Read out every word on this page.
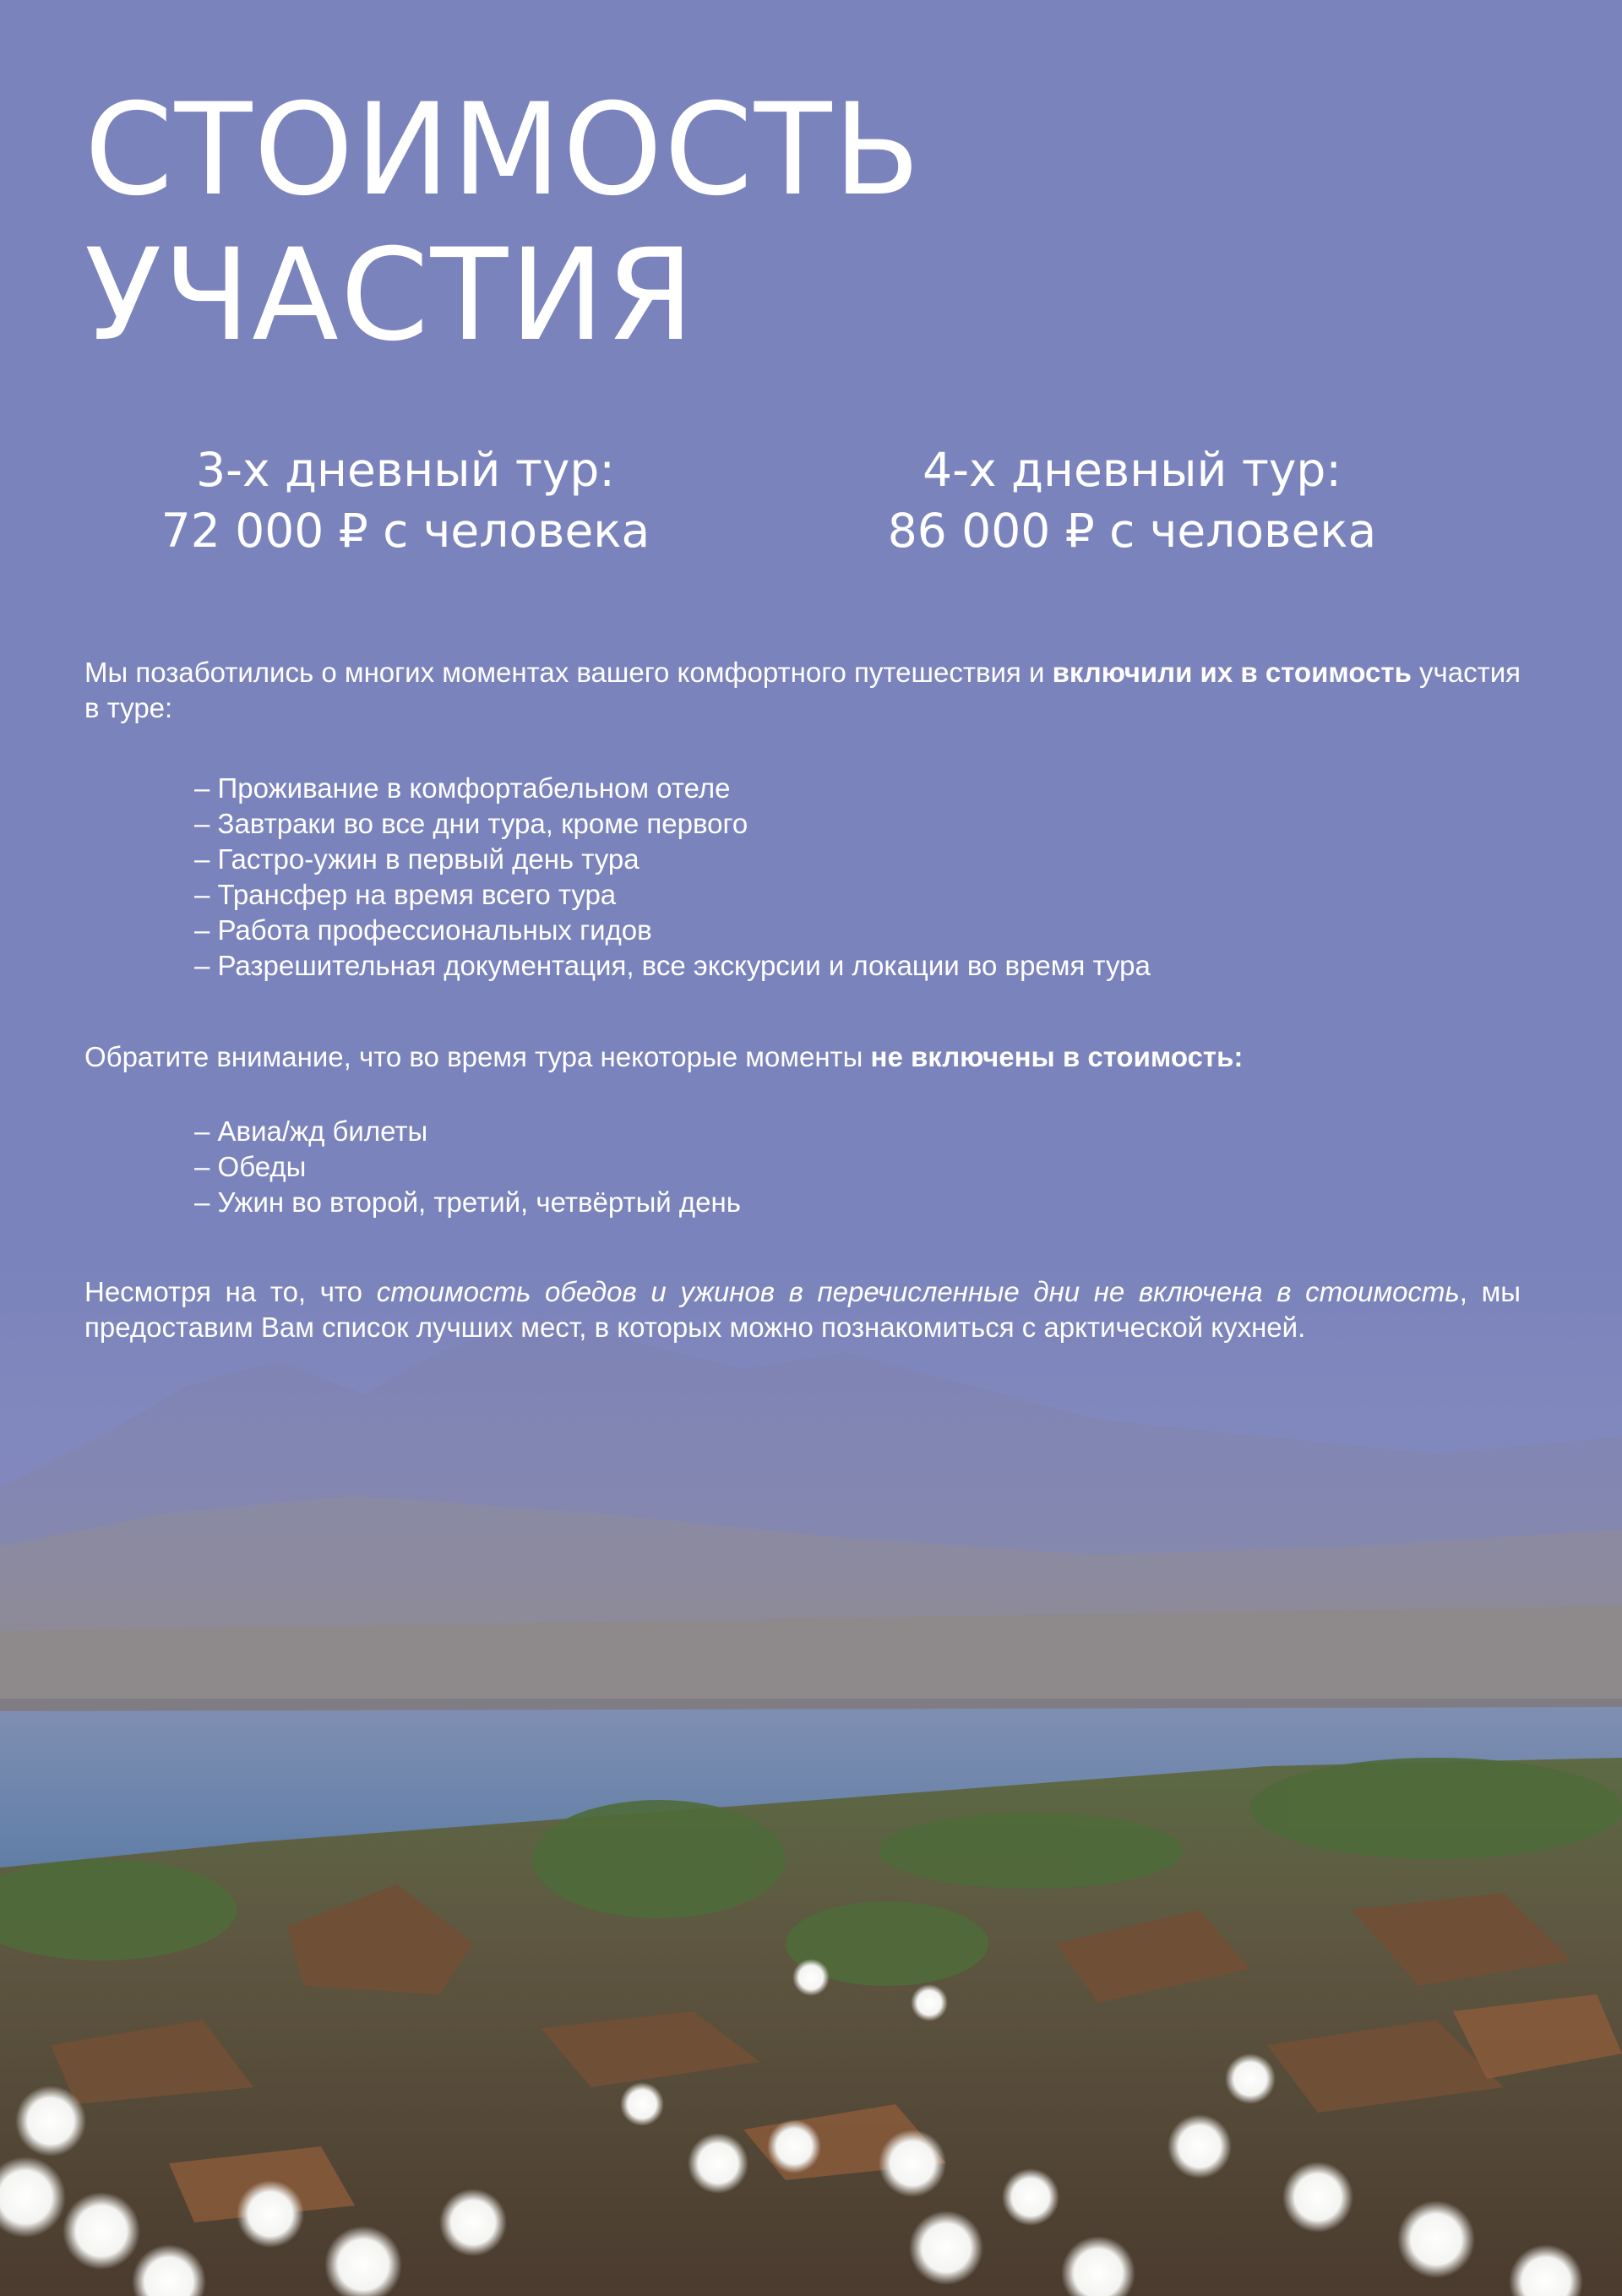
СТОИМОСТЬ
УЧАСТИЯ
3-х дневный тур:
72 000 ₽ с человека
4-х дневный тур:
86 000 ₽ с человека

Мы позаботились о многих моментах вашего комфортного путешествия и включили их в стоимость участия в туре:

– Проживание в комфортабельном отеле
– Завтраки во все дни тура, кроме первого
– Гастро-ужин в первый день тура
– Трансфер на время всего тура
– Работа профессиональных гидов
– Разрешительная документация, все экскурсии и локации во время тура

Обратите внимание, что во время тура некоторые моменты не включены в стоимость:

– Авиа/жд билеты
– Обеды
– Ужин во второй, третий, четвёртый день

Несмотря на то, что стоимость обедов и ужинов в перечисленные дни не включена в стоимость, мы предоставим Вам список лучших мест, в которых можно познакомиться с арктической кухней.
